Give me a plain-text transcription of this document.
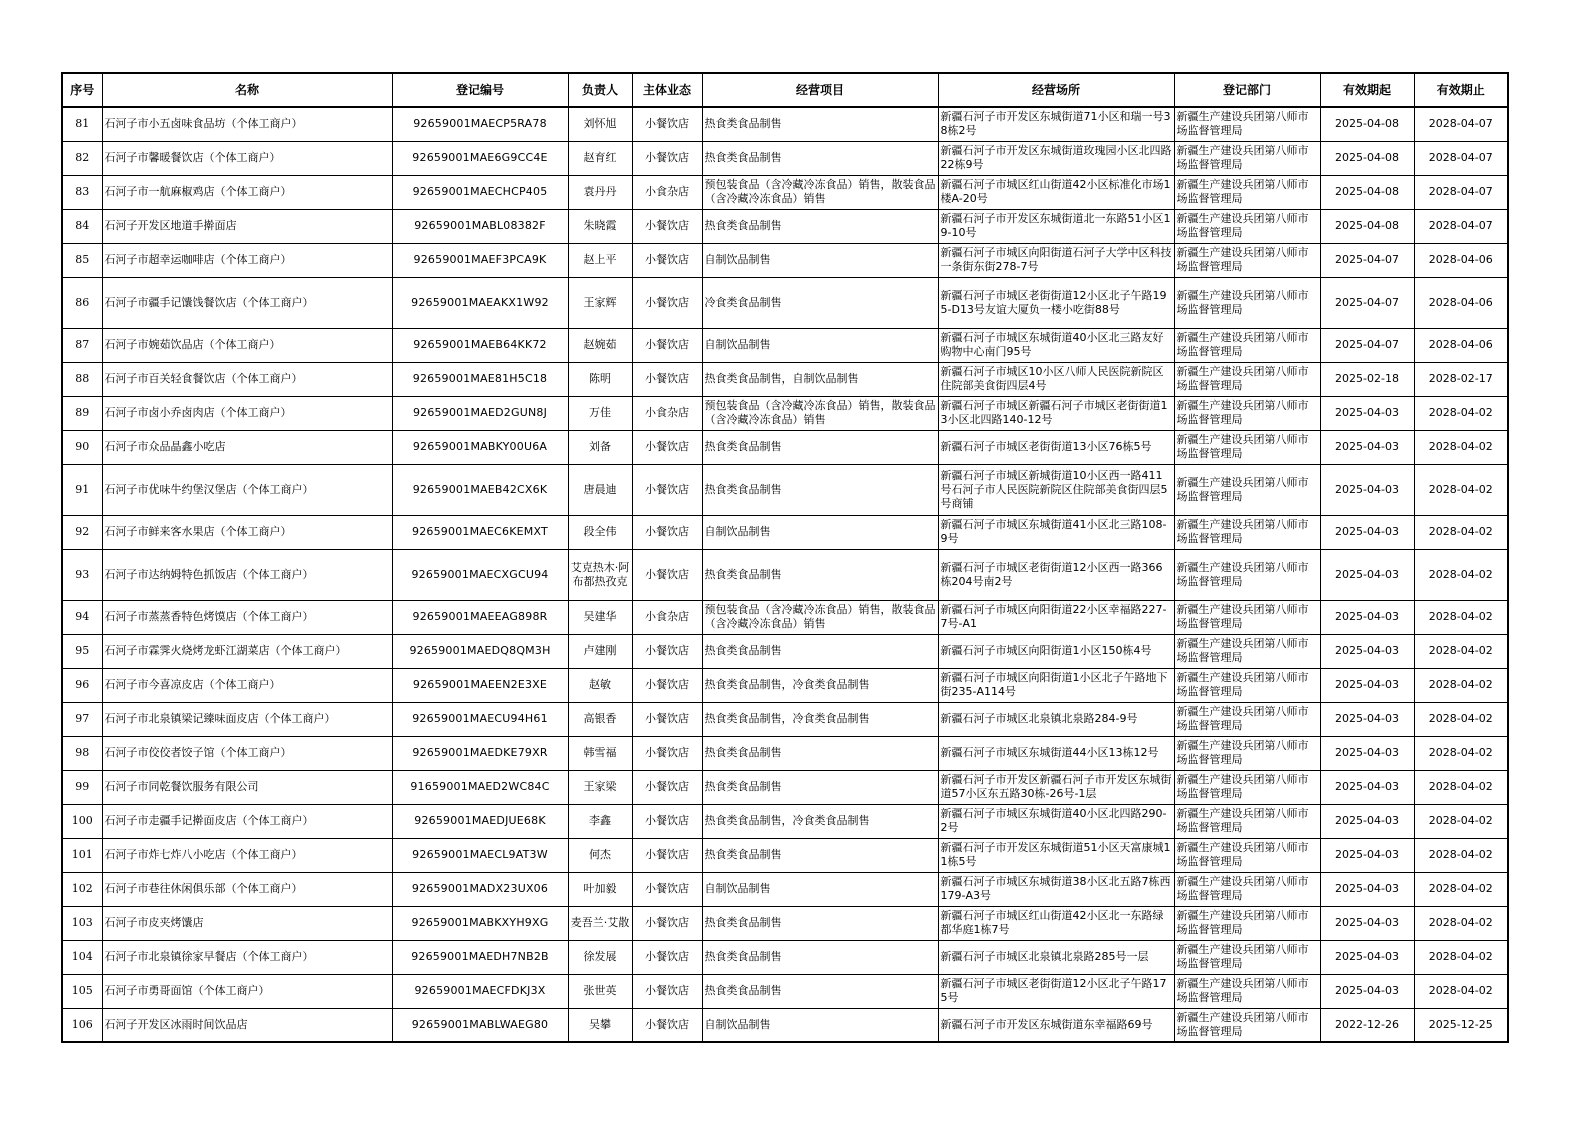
序号	名称	登记编号	负责人	主体业态	经营项目	经营场所	登记部门	有效期起	有效期止
81	石河子市小五卤味食品坊（个体工商户）	92659001MAECP5RA78	刘怀旭	小餐饮店	热食类食品制售	新疆石河子市开发区东城街道71小区和瑞一号38栋2号	新疆生产建设兵团第八师市场监督管理局	2025-04-08	2028-04-07
82	石河子市馨暖餐饮店（个体工商户）	92659001MAE6G9CC4E	赵育红	小餐饮店	热食类食品制售	新疆石河子市开发区东城街道玫瑰园小区北四路22栋9号	新疆生产建设兵团第八师市场监督管理局	2025-04-08	2028-04-07
83	石河子市一航麻椒鸡店（个体工商户）	92659001MAECHCP405	袁丹丹	小食杂店	预包装食品（含冷藏冷冻食品）销售，散装食品（含冷藏冷冻食品）销售	新疆石河子市城区红山街道42小区标准化市场1楼A-20号	新疆生产建设兵团第八师市场监督管理局	2025-04-08	2028-04-07
84	石河子开发区地道手擀面店	92659001MABL08382F	朱晓霞	小餐饮店	热食类食品制售	新疆石河子市开发区东城街道北一东路51小区19-10号	新疆生产建设兵团第八师市场监督管理局	2025-04-08	2028-04-07
85	石河子市超幸运咖啡店（个体工商户）	92659001MAEF3PCA9K	赵上平	小餐饮店	自制饮品制售	新疆石河子市城区向阳街道石河子大学中区科技一条街东街278-7号	新疆生产建设兵团第八师市场监督管理局	2025-04-07	2028-04-06
86	石河子市疆手记馕饯餐饮店（个体工商户）	92659001MAEAKX1W92	王家辉	小餐饮店	冷食类食品制售	新疆石河子市城区老街街道12小区北子午路195-D13号友谊大厦负一楼小吃街88号	新疆生产建设兵团第八师市场监督管理局	2025-04-07	2028-04-06
87	石河子市婉茹饮品店（个体工商户）	92659001MAEB64KK72	赵婉茹	小餐饮店	自制饮品制售	新疆石河子市城区东城街道40小区北三路友好购物中心南门95号	新疆生产建设兵团第八师市场监督管理局	2025-04-07	2028-04-06
88	石河子市百关轻食餐饮店（个体工商户）	92659001MAE81H5C18	陈明	小餐饮店	热食类食品制售，自制饮品制售	新疆石河子市城区10小区八师人民医院新院区住院部美食街四层4号	新疆生产建设兵团第八师市场监督管理局	2025-02-18	2028-02-17
89	石河子市卤小乔卤肉店（个体工商户）	92659001MAED2GUN8J	万佳	小食杂店	预包装食品（含冷藏冷冻食品）销售，散装食品（含冷藏冷冻食品）销售	新疆石河子市城区新疆石河子市城区老街街道13小区北四路140-12号	新疆生产建设兵团第八师市场监督管理局	2025-04-03	2028-04-02
90	石河子市众品晶鑫小吃店	92659001MABKY00U6A	刘备	小餐饮店	热食类食品制售	新疆石河子市城区老街街道13小区76栋5号	新疆生产建设兵团第八师市场监督管理局	2025-04-03	2028-04-02
91	石河子市优味牛约堡汉堡店（个体工商户）	92659001MAEB42CX6K	唐晨迪	小餐饮店	热食类食品制售	新疆石河子市城区新城街道10小区西一路411号石河子市人民医院新院区住院部美食街四层5号商铺	新疆生产建设兵团第八师市场监督管理局	2025-04-03	2028-04-02
92	石河子市鲜来客水果店（个体工商户）	92659001MAEC6KEMXT	段全伟	小餐饮店	自制饮品制售	新疆石河子市城区东城街道41小区北三路108-9号	新疆生产建设兵团第八师市场监督管理局	2025-04-03	2028-04-02
93	石河子市达纳姆特色抓饭店（个体工商户）	92659001MAECXGCU94	艾克热木·阿布都热孜克	小餐饮店	热食类食品制售	新疆石河子市城区老街街道12小区西一路366栋204号南2号	新疆生产建设兵团第八师市场监督管理局	2025-04-03	2028-04-02
94	石河子市蒸蒸香特色烤馍店（个体工商户）	92659001MAEEAG898R	吴建华	小食杂店	预包装食品（含冷藏冷冻食品）销售，散装食品（含冷藏冷冻食品）销售	新疆石河子市城区向阳街道22小区幸福路227-7号-A1	新疆生产建设兵团第八师市场监督管理局	2025-04-03	2028-04-02
95	石河子市霖霁火烧烤龙虾江湖菜店（个体工商户）	92659001MAEDQ8QM3H	卢建刚	小餐饮店	热食类食品制售	新疆石河子市城区向阳街道1小区150栋4号	新疆生产建设兵团第八师市场监督管理局	2025-04-03	2028-04-02
96	石河子市今喜凉皮店（个体工商户）	92659001MAEEN2E3XE	赵敏	小餐饮店	热食类食品制售，冷食类食品制售	新疆石河子市城区向阳街道1小区北子午路地下街235-A114号	新疆生产建设兵团第八师市场监督管理局	2025-04-03	2028-04-02
97	石河子市北泉镇梁记臻味面皮店（个体工商户）	92659001MAECU94H61	高银香	小餐饮店	热食类食品制售，冷食类食品制售	新疆石河子市城区北泉镇北泉路284-9号	新疆生产建设兵团第八师市场监督管理局	2025-04-03	2028-04-02
98	石河子市佼佼者饺子馆（个体工商户）	92659001MAEDKE79XR	韩雪福	小餐饮店	热食类食品制售	新疆石河子市城区东城街道44小区13栋12号	新疆生产建设兵团第八师市场监督管理局	2025-04-03	2028-04-02
99	石河子市同乾餐饮服务有限公司	91659001MAED2WC84C	王家梁	小餐饮店	热食类食品制售	新疆石河子市开发区新疆石河子市开发区东城街道57小区东五路30栋-26号-1层	新疆生产建设兵团第八师市场监督管理局	2025-04-03	2028-04-02
100	石河子市走疆手记擀面皮店（个体工商户）	92659001MAEDJUE68K	李鑫	小餐饮店	热食类食品制售，冷食类食品制售	新疆石河子市城区东城街道40小区北四路290-2号	新疆生产建设兵团第八师市场监督管理局	2025-04-03	2028-04-02
101	石河子市炸七炸八小吃店（个体工商户）	92659001MAECL9AT3W	何杰	小餐饮店	热食类食品制售	新疆石河子市开发区东城街道51小区天富康城11栋5号	新疆生产建设兵团第八师市场监督管理局	2025-04-03	2028-04-02
102	石河子市巷往休闲俱乐部（个体工商户）	92659001MADX23UX06	叶加毅	小餐饮店	自制饮品制售	新疆石河子市城区东城街道38小区北五路7栋西179-A3号	新疆生产建设兵团第八师市场监督管理局	2025-04-03	2028-04-02
103	石河子市皮夹烤馕店	92659001MABKXYH9XG	麦吾兰·艾散	小餐饮店	热食类食品制售	新疆石河子市城区红山街道42小区北一东路绿都华庭1栋7号	新疆生产建设兵团第八师市场监督管理局	2025-04-03	2028-04-02
104	石河子市北泉镇徐家早餐店（个体工商户）	92659001MAEDH7NB2B	徐发展	小餐饮店	热食类食品制售	新疆石河子市城区北泉镇北泉路285号一层	新疆生产建设兵团第八师市场监督管理局	2025-04-03	2028-04-02
105	石河子市勇哥面馆（个体工商户）	92659001MAECFDKJ3X	张世英	小餐饮店	热食类食品制售	新疆石河子市城区老街街道12小区北子午路175号	新疆生产建设兵团第八师市场监督管理局	2025-04-03	2028-04-02
106	石河子开发区冰雨时间饮品店	92659001MABLWAEG80	吴攀	小餐饮店	自制饮品制售	新疆石河子市开发区东城街道东幸福路69号	新疆生产建设兵团第八师市场监督管理局	2022-12-26	2025-12-25
